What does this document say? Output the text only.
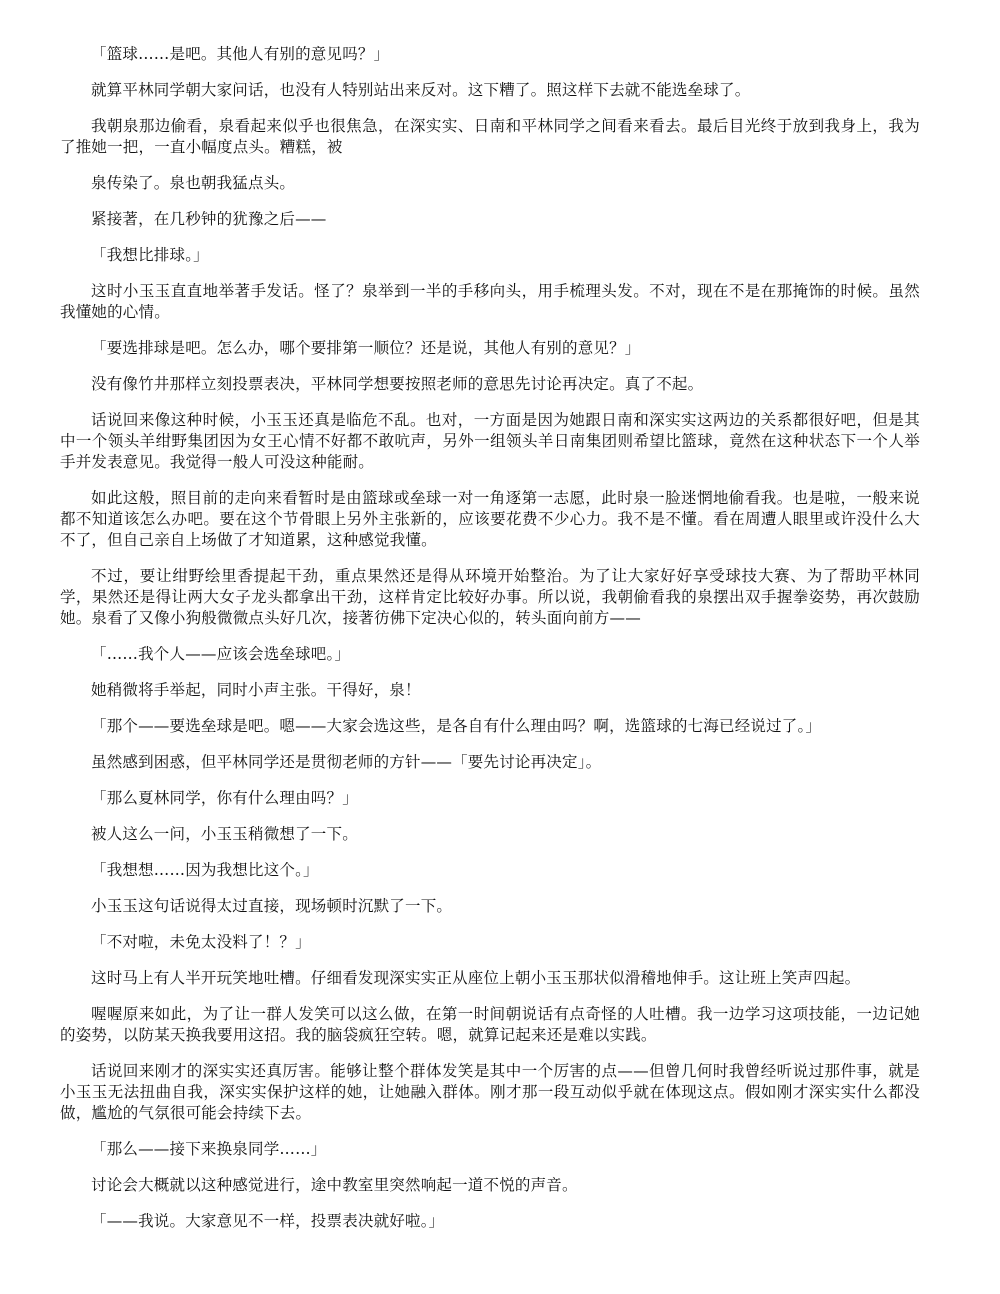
「篮球……是吧。其他人有别的意见吗？」

就算平林同学朝大家问话，也没有人特别站出来反对。这下糟了。照这样下去就不能选垒球了。

我朝泉那边偷看，泉看起来似乎也很焦急，在深实实、日南和平林同学之间看来看去。最后目光终于放到我身上，我为了推她一把，一直小幅度点头。糟糕，被

泉传染了。泉也朝我猛点头。

紧接著，在几秒钟的犹豫之后——

「我想比排球。」

这时小玉玉直直地举著手发话。怪了？泉举到一半的手移向头，用手梳理头发。不对，现在不是在那掩饰的时候。虽然我懂她的心情。

「要选排球是吧。怎么办，哪个要排第一顺位？还是说，其他人有别的意见？」

没有像竹井那样立刻投票表决，平林同学想要按照老师的意思先讨论再决定。真了不起。

话说回来像这种时候，小玉玉还真是临危不乱。也对，一方面是因为她跟日南和深实实这两边的关系都很好吧，但是其中一个领头羊绀野集团因为女王心情不好都不敢吭声，另外一组领头羊日南集团则希望比篮球，竟然在这种状态下一个人举手并发表意见。我觉得一般人可没这种能耐。

如此这般，照目前的走向来看暂时是由篮球或垒球一对一角逐第一志愿，此时泉一脸迷惘地偷看我。也是啦，一般来说都不知道该怎么办吧。要在这个节骨眼上另外主张新的，应该要花费不少心力。我不是不懂。看在周遭人眼里或许没什么大不了，但自己亲自上场做了才知道累，这种感觉我懂。

不过，要让绀野绘里香提起干劲，重点果然还是得从环境开始整治。为了让大家好好享受球技大赛、为了帮助平林同学，果然还是得让两大女子龙头都拿出干劲，这样肯定比较好办事。所以说，我朝偷看我的泉摆出双手握拳姿势，再次鼓励她。泉看了又像小狗般微微点头好几次，接著彷佛下定决心似的，转头面向前方——

「……我个人——应该会选垒球吧。」

她稍微将手举起，同时小声主张。干得好，泉！

「那个——要选垒球是吧。嗯——大家会选这些，是各自有什么理由吗？啊，选篮球的七海已经说过了。」

虽然感到困惑，但平林同学还是贯彻老师的方针——「要先讨论再决定」。

「那么夏林同学，你有什么理由吗？」

被人这么一问，小玉玉稍微想了一下。

「我想想……因为我想比这个。」

小玉玉这句话说得太过直接，现场顿时沉默了一下。

「不对啦，未免太没料了！？」

这时马上有人半开玩笑地吐槽。仔细看发现深实实正从座位上朝小玉玉那状似滑稽地伸手。这让班上笑声四起。

喔喔原来如此，为了让一群人发笑可以这么做，在第一时间朝说话有点奇怪的人吐槽。我一边学习这项技能，一边记她的姿势，以防某天换我要用这招。我的脑袋疯狂空转。嗯，就算记起来还是难以实践。

话说回来刚才的深实实还真厉害。能够让整个群体发笑是其中一个厉害的点——但曾几何时我曾经听说过那件事，就是小玉玉无法扭曲自我，深实实保护这样的她，让她融入群体。刚才那一段互动似乎就在体现这点。假如刚才深实实什么都没做，尴尬的气氛很可能会持续下去。

「那么——接下来换泉同学……」

讨论会大概就以这种感觉进行，途中教室里突然响起一道不悦的声音。

「——我说。大家意见不一样，投票表决就好啦。」
